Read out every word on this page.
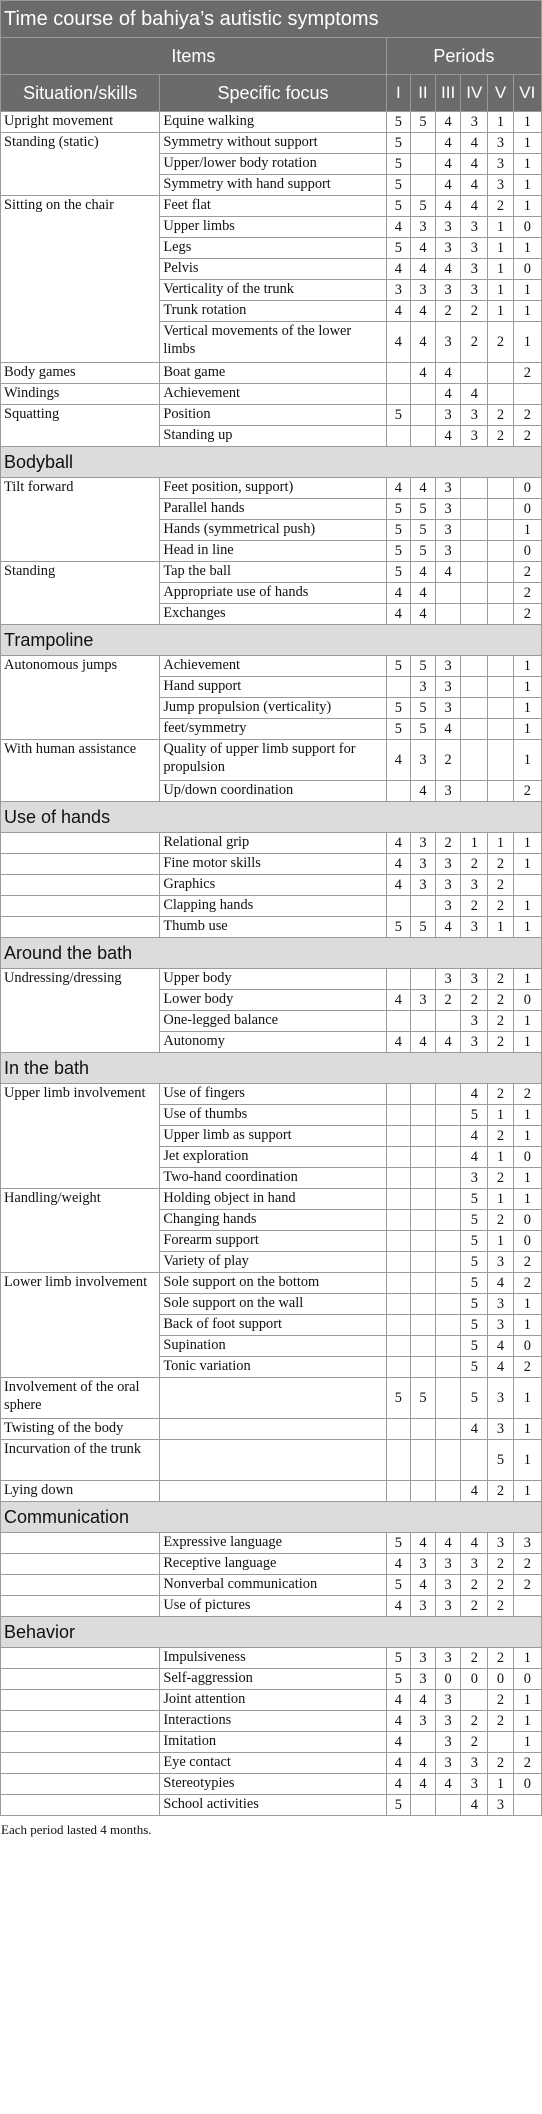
Time course of bahiya’s autistic symptoms							
Items		Periods					
Situation/skills	Specific focus	I	II	III	IV	V	VI
Upright movement	Equine walking	5	5	4	3	1	1
Standing (static)	Symmetry without support	5		4	4	3	1
	Upper/lower body rotation	5		4	4	3	1
	Symmetry with hand support	5		4	4	3	1
Sitting on the chair	Feet flat	5	5	4	4	2	1
	Upper limbs	4	3	3	3	1	0
	Legs	5	4	3	3	1	1
	Pelvis	4	4	4	3	1	0
	Verticality of the trunk	3	3	3	3	1	1
	Trunk rotation	4	4	2	2	1	1
	Vertical movements of the lower limbs	4	4	3	2	2	1
Body games	Boat game		4	4			2
Windings	Achievement			4	4		
Squatting	Position	5		3	3	2	2
	Standing up			4	3	2	2
Bodyball							
Tilt forward	Feet position, support)	4	4	3			0
	Parallel hands	5	5	3			0
	Hands (symmetrical push)	5	5	3			1
	Head in line	5	5	3			0
Standing	Tap the ball	5	4	4			2
	Appropriate use of hands	4	4				2
	Exchanges	4	4				2
Trampoline							
Autonomous jumps	Achievement	5	5	3			1
	Hand support		3	3			1
	Jump propulsion (verticality)	5	5	3			1
	feet/symmetry	5	5	4			1
With human assistance	Quality of upper limb support for propulsion	4	3	2			1
	Up/down coordination		4	3			2
Use of hands							
	Relational grip	4	3	2	1	1	1
	Fine motor skills	4	3	3	2	2	1
	Graphics	4	3	3	3	2	
	Clapping hands			3	2	2	1
	Thumb use	5	5	4	3	1	1
Around the bath							
Undressing/dressing	Upper body			3	3	2	1
	Lower body	4	3	2	2	2	0
	One-legged balance				3	2	1
	Autonomy	4	4	4	3	2	1
In the bath							
Upper limb involvement	Use of fingers				4	2	2
	Use of thumbs				5	1	1
	Upper limb as support				4	2	1
	Jet exploration				4	1	0
	Two-hand coordination				3	2	1
Handling/weight	Holding object in hand				5	1	1
	Changing hands				5	2	0
	Forearm support				5	1	0
	Variety of play				5	3	2
Lower limb involvement	Sole support on the bottom				5	4	2
	Sole support on the wall				5	3	1
	Back of foot support				5	3	1
	Supination				5	4	0
	Tonic variation				5	4	2
Involvement of the oral sphere		5	5		5	3	1
Twisting of the body					4	3	1
Incurvation of the trunk						5	1
Lying down					4	2	1
Communication							
	Expressive language	5	4	4	4	3	3
	Receptive language	4	3	3	3	2	2
	Nonverbal communication	5	4	3	2	2	2
	Use of pictures	4	3	3	2	2	
Behavior							
	Impulsiveness	5	3	3	2	2	1
	Self-aggression	5	3	0	0	0	0
	Joint attention	4	4	3		2	1
	Interactions	4	3	3	2	2	1
	Imitation	4		3	2		1
	Eye contact	4	4	3	3	2	2
	Stereotypies	4	4	4	3	1	0
	School activities	5			4	3	
Each period lasted 4 months.
